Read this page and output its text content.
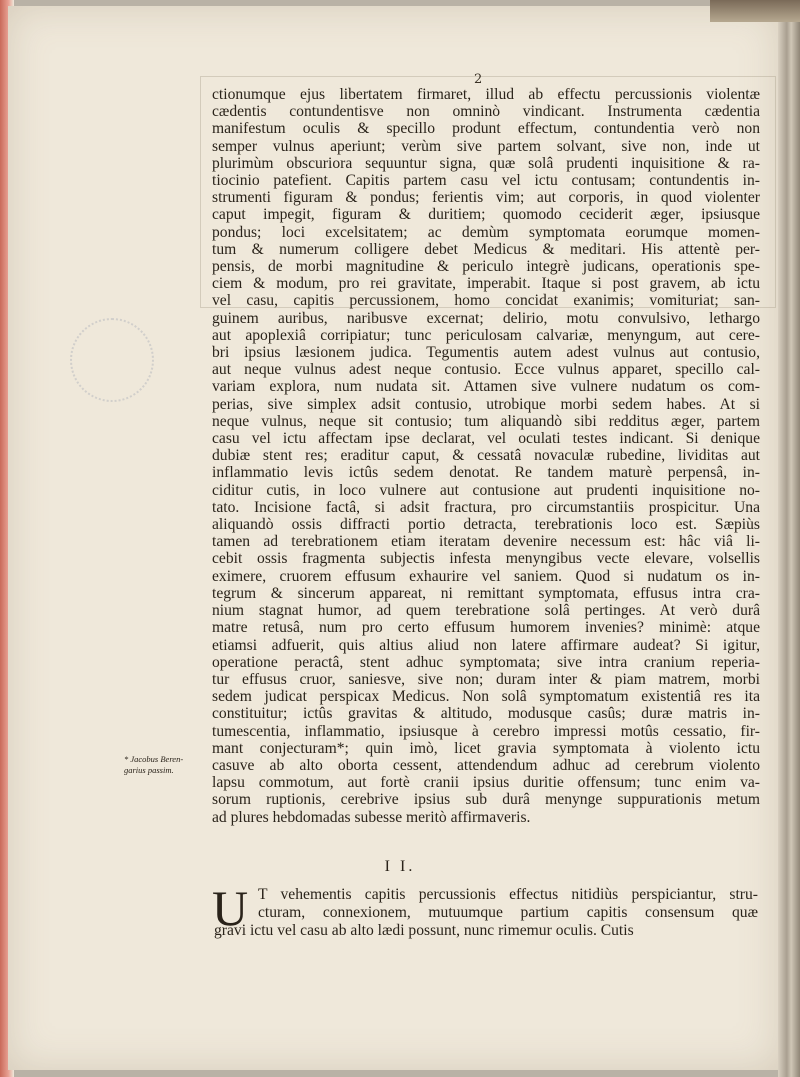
2
ctionumque ejus libertatem firmaret, illud ab effectu percussionis violentæ
cædentis contundentisve non omninò vindicant. Instrumenta cædentia
manifestum oculis & specillo produnt effectum, contundentia verò non
semper vulnus aperiunt; verùm sive partem solvant, sive non, inde ut
plurimùm obscuriora sequuntur signa, quæ solâ prudenti inquisitione & ra-
tiocinio patefient. Capitis partem casu vel ictu contusam; contundentis in-
strumenti figuram & pondus; ferientis vim; aut corporis, in quod violenter
caput impegit, figuram & duritiem; quomodo ceciderit æger, ipsiusque
pondus; loci excelsitatem; ac demùm symptomata eorumque momen-
tum & numerum colligere debet Medicus & meditari. His attentè per-
pensis, de morbi magnitudine & periculo integrè judicans, operationis spe-
ciem & modum, pro rei gravitate, imperabit. Itaque si post gravem, ab ictu
vel casu, capitis percussionem, homo concidat exanimis; vomituriat; san-
guinem auribus, naribusve excernat; delirio, motu convulsivo, lethargo
aut apoplexiâ corripiatur; tunc periculosam calvariæ, menyngum, aut cere-
bri ipsius læsionem judica. Tegumentis autem adest vulnus aut contusio,
aut neque vulnus adest neque contusio. Ecce vulnus apparet, specillo cal-
variam explora, num nudata sit. Attamen sive vulnere nudatum os com-
perias, sive simplex adsit contusio, utrobique morbi sedem habes. At si
neque vulnus, neque sit contusio; tum aliquandò sibi redditus æger, partem
casu vel ictu affectam ipse declarat, vel oculati testes indicant. Si denique
dubiæ stent res; eraditur caput, & cessatâ novaculæ rubedine, lividitas aut
inflammatio levis ictûs sedem denotat. Re tandem maturè perpensâ, in-
ciditur cutis, in loco vulnere aut contusione aut prudenti inquisitione no-
tato. Incisione factâ, si adsit fractura, pro circumstantiis prospicitur. Una
aliquandò ossis diffracti portio detracta, terebrationis loco est. Sæpiùs
tamen ad terebrationem etiam iteratam devenire necessum est: hâc viâ li-
cebit ossis fragmenta subjectis infesta menyngibus vecte elevare, volsellis
eximere, cruorem effusum exhaurire vel saniem. Quod si nudatum os in-
tegrum & sincerum appareat, ni remittant symptomata, effusus intra cra-
nium stagnat humor, ad quem terebratione solâ pertinges. At verò durâ
matre retusâ, num pro certo effusum humorem invenies? minimè: atque
etiamsi adfuerit, quis altius aliud non latere affirmare audeat? Si igitur,
operatione peractâ, stent adhuc symptomata; sive intra cranium reperia-
tur effusus cruor, saniesve, sive non; duram inter & piam matrem, morbi
sedem judicat perspicax Medicus. Non solâ symptomatum existentiâ res ita
constituitur; ictûs gravitas & altitudo, modusque casûs; duræ matris in-
tumescentia, inflammatio, ipsiusque à cerebro impressi motûs cessatio, fir-
mant conjecturam*; quin imò, licet gravia symptomata à violento ictu
casuve ab alto oborta cessent, attendendum adhuc ad cerebrum violento
lapsu commotum, aut fortè cranii ipsius duritie offensum; tunc enim va-
sorum ruptionis, cerebrive ipsius sub durâ menynge suppurationis metum
ad plures hebdomadas subesse meritò affirmaveris.
* Jacobus Beren-
garius passim.
I I.
U T vehementis capitis percussionis effectus nitidiùs perspiciantur, stru-
cturam, connexionem, mutuumque partium capitis consensum quæ
gravi ictu vel casu ab alto lædi possunt, nunc rimemur oculis. Cutis
